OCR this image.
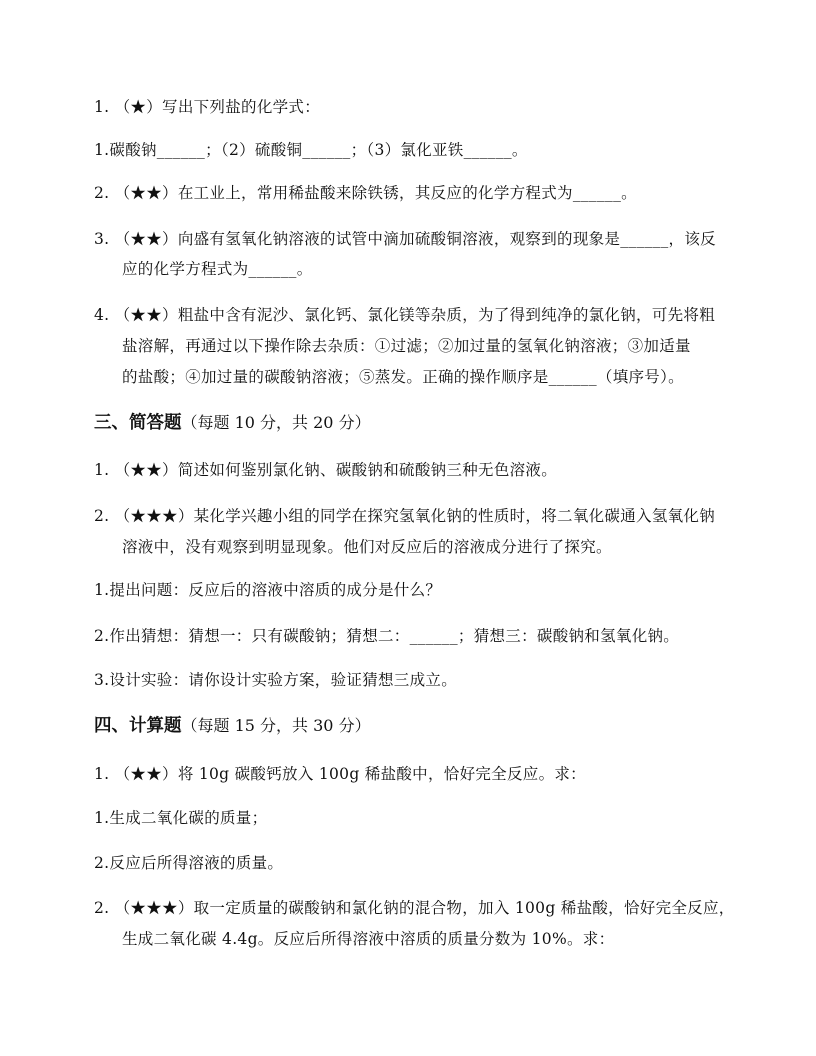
1. （★）写出下列盐的化学式：
1.碳酸钠______；（2）硫酸铜______；（3）氯化亚铁______。
2. （★★）在工业上，常用稀盐酸来除铁锈，其反应的化学方程式为______。
3. （★★）向盛有氢氧化钠溶液的试管中滴加硫酸铜溶液，观察到的现象是______，该反
应的化学方程式为______。
4. （★★）粗盐中含有泥沙、氯化钙、氯化镁等杂质，为了得到纯净的氯化钠，可先将粗
盐溶解，再通过以下操作除去杂质：①过滤；②加过量的氢氧化钠溶液；③加适量
的盐酸；④加过量的碳酸钠溶液；⑤蒸发。正确的操作顺序是______（填序号）。
三、简答题（每题 10 分，共 20 分）
1. （★★）简述如何鉴别氯化钠、碳酸钠和硫酸钠三种无色溶液。
2. （★★★）某化学兴趣小组的同学在探究氢氧化钠的性质时，将二氧化碳通入氢氧化钠
溶液中，没有观察到明显现象。他们对反应后的溶液成分进行了探究。
1.提出问题：反应后的溶液中溶质的成分是什么？
2.作出猜想：猜想一：只有碳酸钠；猜想二：______；猜想三：碳酸钠和氢氧化钠。
3.设计实验：请你设计实验方案，验证猜想三成立。
四、计算题（每题 15 分，共 30 分）
1. （★★）将 10g 碳酸钙放入 100g 稀盐酸中，恰好完全反应。求：
1.生成二氧化碳的质量；
2.反应后所得溶液的质量。
2. （★★★）取一定质量的碳酸钠和氯化钠的混合物，加入 100g 稀盐酸，恰好完全反应，
生成二氧化碳 4.4g。反应后所得溶液中溶质的质量分数为 10%。求：
